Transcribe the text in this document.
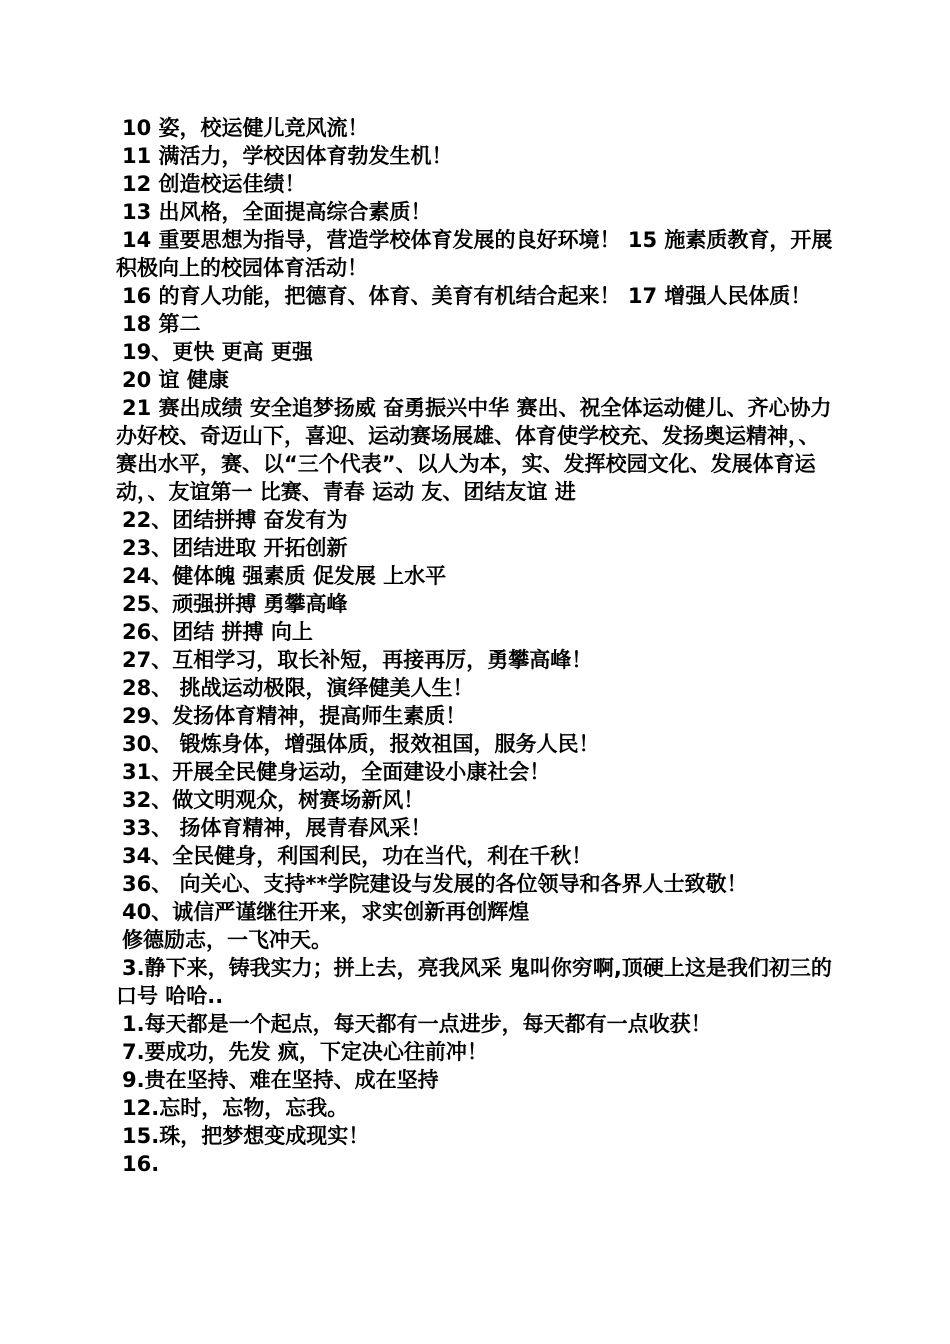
10 姿，校运健儿竞风流！

11 满活力，学校因体育勃发生机！

12 创造校运佳绩！

13 出风格，全面提高综合素质！

14 重要思想为指导，营造学校体育发展的良好环境！ 15 施素质教育，开展积极向上的校园体育活动！

16 的育人功能，把德育、体育、美育有机结合起来！ 17 增强人民体质！

18 第二

19、更快 更高 更强

20 谊 健康

21 赛出成绩 安全追梦扬威 奋勇振兴中华 赛出、祝全体运动健儿、齐心协力办好校、奇迈山下，喜迎、运动赛场展雄、体育使学校充、发扬奥运精神，、赛出水平，赛、以“三个代表”、以人为本，实、发挥校园文化、发展体育运动，、友谊第一 比赛、青春 运动 友、团结友谊 进

22、团结拼搏 奋发有为

23、团结进取 开拓创新

24、健体魄 强素质 促发展 上水平

25、顽强拼搏 勇攀高峰

26、团结 拼搏 向上

27、互相学习，取长补短，再接再厉，勇攀高峰！

28、 挑战运动极限，演绎健美人生！

29、发扬体育精神，提高师生素质！

30、 锻炼身体，增强体质，报效祖国，服务人民！

31、开展全民健身运动，全面建设小康社会！

32、做文明观众，树赛场新风！

33、 扬体育精神，展青春风采！

34、全民健身，利国利民，功在当代，利在千秋！

36、 向关心、支持**学院建设与发展的各位领导和各界人士致敬！

40、诚信严谨继往开来，求实创新再创辉煌

修德励志，一飞冲天。

3.静下来，铸我实力；拼上去，亮我风采 鬼叫你穷啊,顶硬上这是我们初三的口号 哈哈..

1.每天都是一个起点，每天都有一点进步，每天都有一点收获！

7.要成功，先发 疯，下定决心往前冲！

9.贵在坚持、难在坚持、成在坚持

12.忘时，忘物，忘我。

15.珠，把梦想变成现实！

16.
